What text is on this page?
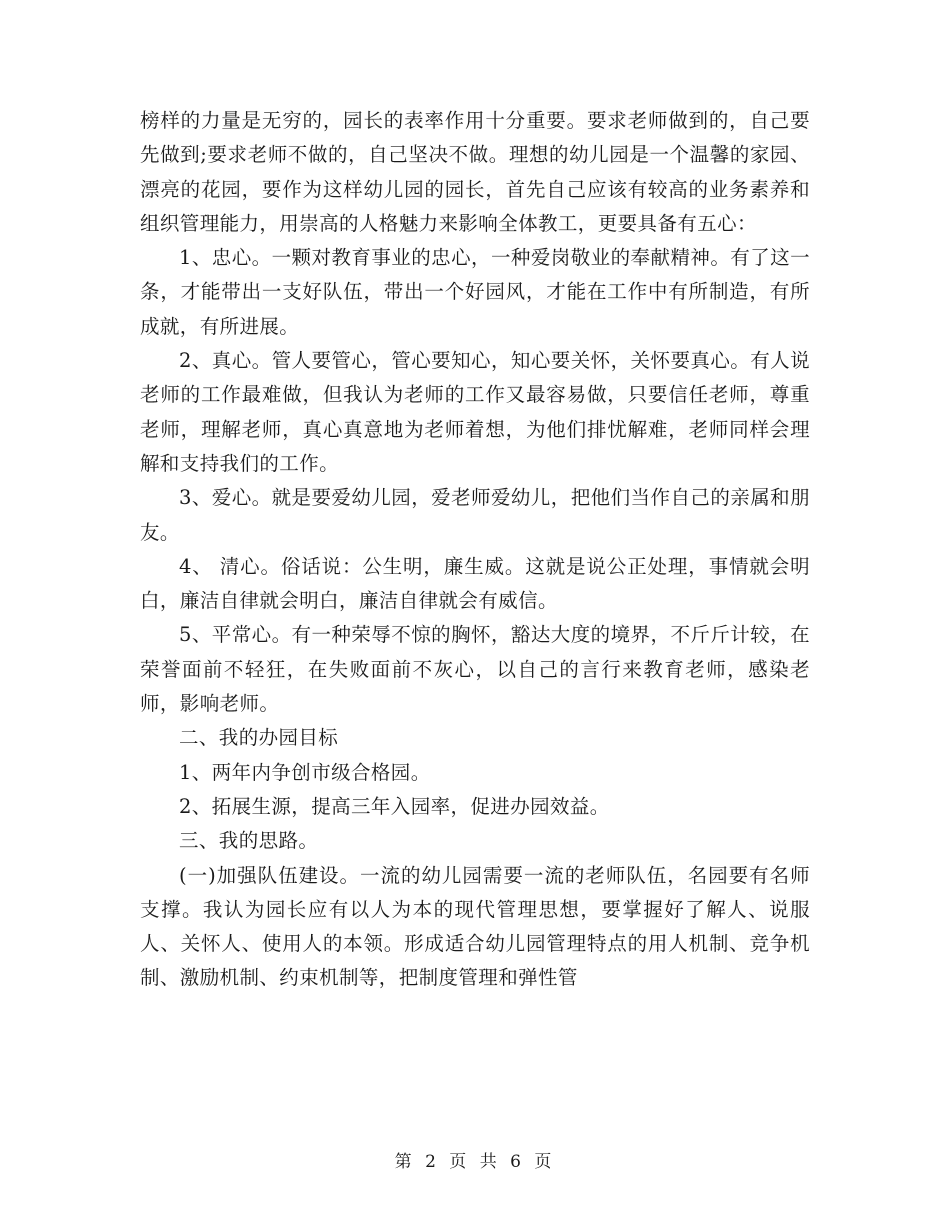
榜样的力量是无穷的，园长的表率作用十分重要。要求老师做到的，自己要先做到;要求老师不做的，自己坚决不做。理想的幼儿园是一个温馨的家园、漂亮的花园，要作为这样幼儿园的园长，首先自己应该有较高的业务素养和组织管理能力，用崇高的人格魅力来影响全体教工，更要具备有五心：

1、忠心。一颗对教育事业的忠心，一种爱岗敬业的奉献精神。有了这一条，才能带出一支好队伍，带出一个好园风，才能在工作中有所制造，有所成就，有所进展。

2、真心。管人要管心，管心要知心，知心要关怀，关怀要真心。有人说老师的工作最难做，但我认为老师的工作又最容易做，只要信任老师，尊重老师，理解老师，真心真意地为老师着想，为他们排忧解难，老师同样会理解和支持我们的工作。

3、爱心。就是要爱幼儿园，爱老师爱幼儿，把他们当作自己的亲属和朋友。

4、 清心。俗话说：公生明，廉生威。这就是说公正处理，事情就会明白，廉洁自律就会明白，廉洁自律就会有威信。

5、平常心。有一种荣辱不惊的胸怀，豁达大度的境界，不斤斤计较，在荣誉面前不轻狂，在失败面前不灰心，以自己的言行来教育老师，感染老师，影响老师。

二、我的办园目标

1、两年内争创市级合格园。

2、拓展生源，提高三年入园率，促进办园效益。

三、我的思路。

(一)加强队伍建设。一流的幼儿园需要一流的老师队伍，名园要有名师支撑。我认为园长应有以人为本的现代管理思想，要掌握好了解人、说服人、关怀人、使用人的本领。形成适合幼儿园管理特点的用人机制、竞争机制、激励机制、约束机制等，把制度管理和弹性管

第 2 页 共 6 页
